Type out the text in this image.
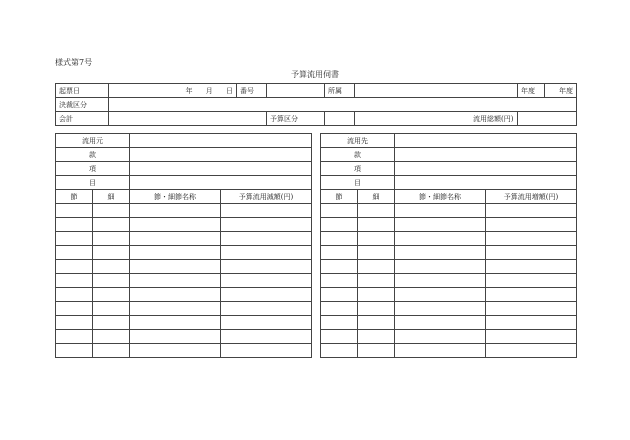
様式第7号
予算流用伺書
起票日	年 月 日	番号		所属		年度	年度
決裁区分							
会計			予算区分		流用総額(円)		
流用元			
款			
項			
目			
節	細	節・細節名称	予算流用減額(円)

流用先			
款			
項			
目			
節	細	節・細節名称	予算流用増額(円)
